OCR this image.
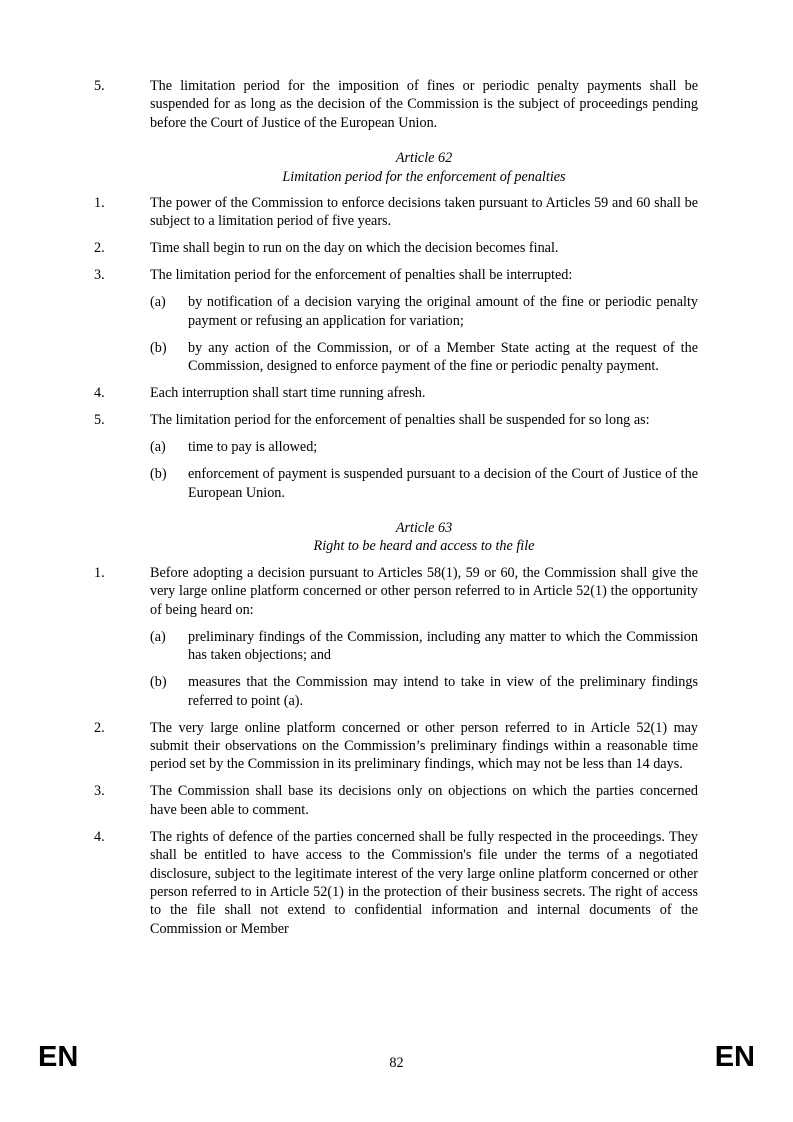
5.	The limitation period for the imposition of fines or periodic penalty payments shall be suspended for as long as the decision of the Commission is the subject of proceedings pending before the Court of Justice of the European Union.
Article 62
Limitation period for the enforcement of penalties
1.	The power of the Commission to enforce decisions taken pursuant to Articles 59 and 60 shall be subject to a limitation period of five years.
2.	Time shall begin to run on the day on which the decision becomes final.
3.	The limitation period for the enforcement of penalties shall be interrupted:
(a) by notification of a decision varying the original amount of the fine or periodic penalty payment or refusing an application for variation;
(b) by any action of the Commission, or of a Member State acting at the request of the Commission, designed to enforce payment of the fine or periodic penalty payment.
4.	Each interruption shall start time running afresh.
5.	The limitation period for the enforcement of penalties shall be suspended for so long as:
(a) time to pay is allowed;
(b) enforcement of payment is suspended pursuant to a decision of the Court of Justice of the European Union.
Article 63
Right to be heard and access to the file
1.	Before adopting a decision pursuant to Articles 58(1), 59 or 60, the Commission shall give the very large online platform concerned or other person referred to in Article 52(1) the opportunity of being heard on:
(a) preliminary findings of the Commission, including any matter to which the Commission has taken objections; and
(b) measures that the Commission may intend to take in view of the preliminary findings referred to point (a).
2.	The very large online platform concerned or other person referred to in Article 52(1) may submit their observations on the Commission’s preliminary findings within a reasonable time period set by the Commission in its preliminary findings, which may not be less than 14 days.
3.	The Commission shall base its decisions only on objections on which the parties concerned have been able to comment.
4.	The rights of defence of the parties concerned shall be fully respected in the proceedings. They shall be entitled to have access to the Commission's file under the terms of a negotiated disclosure, subject to the legitimate interest of the very large online platform concerned or other person referred to in Article 52(1) in the protection of their business secrets. The right of access to the file shall not extend to confidential information and internal documents of the Commission or Member
EN	82	EN
